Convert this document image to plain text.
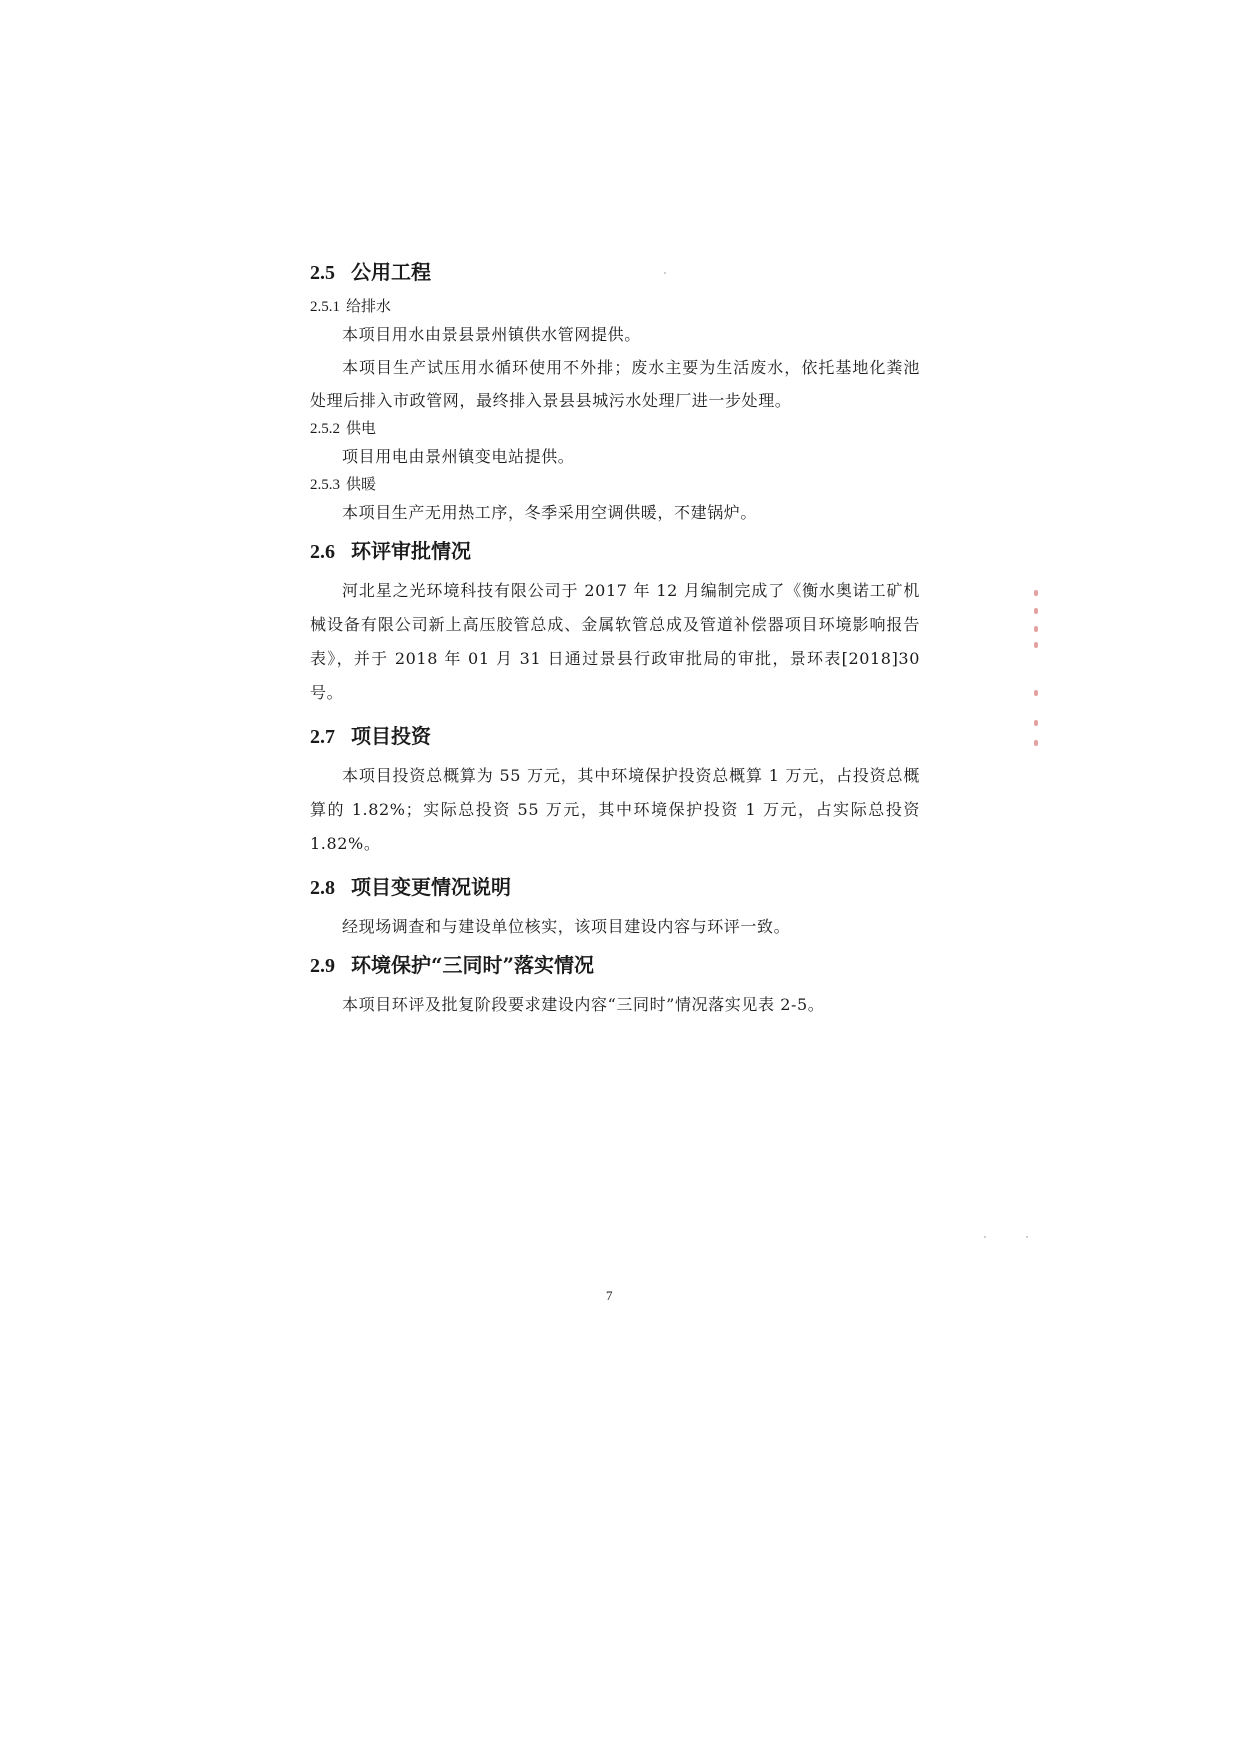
2.5 公用工程
2.5.1 给排水

本项目用水由景县景州镇供水管网提供。

本项目生产试压用水循环使用不外排；废水主要为生活废水，依托基地化粪池处理后排入市政管网，最终排入景县县城污水处理厂进一步处理。

2.5.2 供电

项目用电由景州镇变电站提供。

2.5.3 供暖

本项目生产无用热工序，冬季采用空调供暖，不建锅炉。

2.6 环评审批情况

河北星之光环境科技有限公司于 2017 年 12 月编制完成了《衡水奥诺工矿机械设备有限公司新上高压胶管总成、金属软管总成及管道补偿器项目环境影响报告表》，并于 2018 年 01 月 31 日通过景县行政审批局的审批，景环表[2018]30 号。

2.7 项目投资

本项目投资总概算为 55 万元，其中环境保护投资总概算 1 万元，占投资总概算的 1.82%；实际总投资 55 万元，其中环境保护投资 1 万元，占实际总投资 1.82%。

2.8 项目变更情况说明

经现场调查和与建设单位核实，该项目建设内容与环评一致。

2.9 环境保护“三同时”落实情况

本项目环评及批复阶段要求建设内容“三同时”情况落实见表 2-5。

7
